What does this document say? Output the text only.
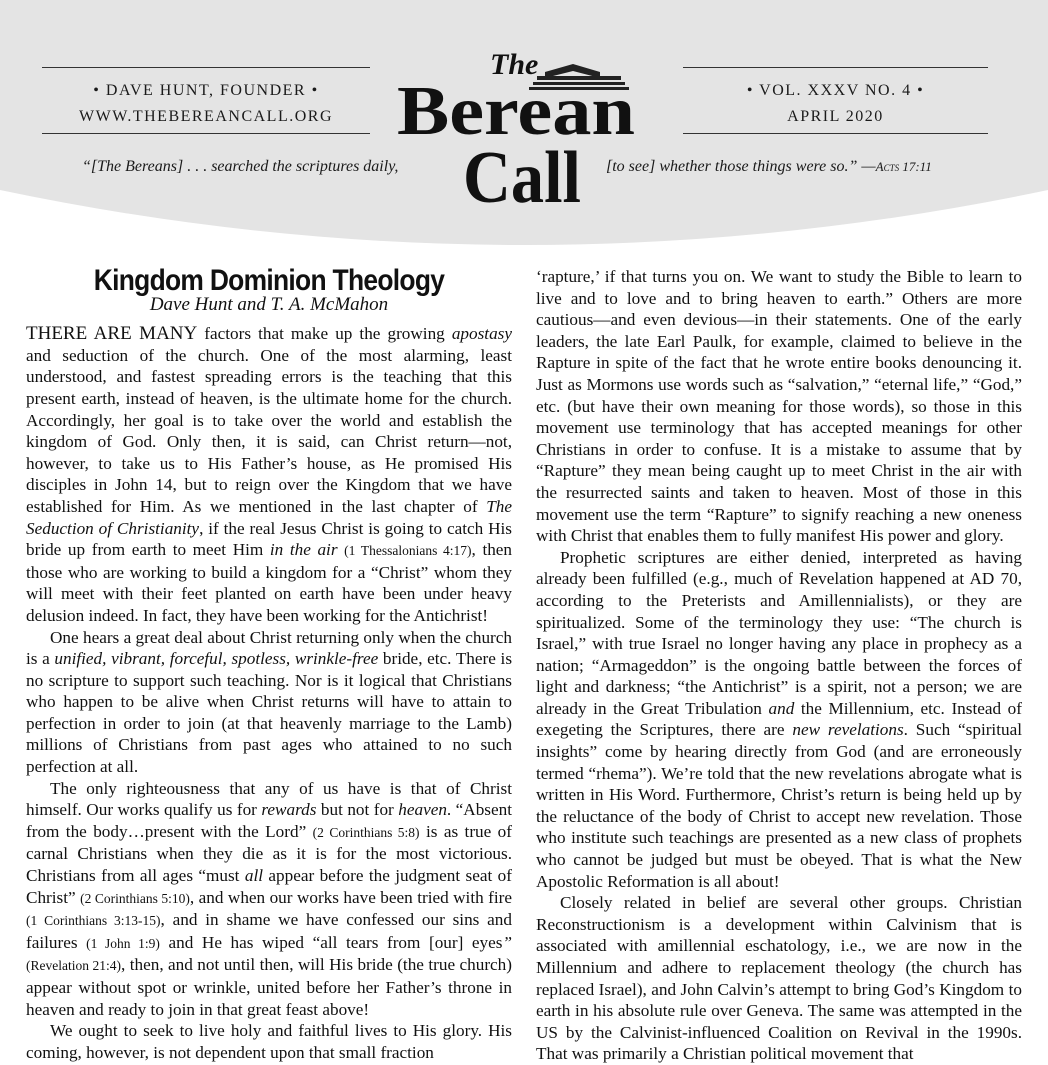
• DAVE HUNT, FOUNDER •
WWW.THEBEREANCALL.ORG
• VOL. XXXV NO. 4 •
APRIL 2020
“[The Bereans] . . . searched the scriptures daily,	[to see] whether those things were so.” —Acts 17:11
The
Berean
Call
Kingdom Dominion Theology
Dave Hunt and T. A. McMahon

THERE ARE MANY factors that make up the growing apostasy and seduction of the church. One of the most alarming, least understood, and fastest spreading errors is the teaching that this present earth, instead of heaven, is the ultimate home for the church. Accordingly, her goal is to take over the world and establish the kingdom of God. Only then, it is said, can Christ return—not, however, to take us to His Father’s house, as He promised His disciples in John 14, but to reign over the Kingdom that we have established for Him. As we mentioned in the last chapter of The Seduction of Christianity, if the real Jesus Christ is going to catch His bride up from earth to meet Him in the air (1 Thessalonians 4:17), then those who are working to build a kingdom for a “Christ” whom they will meet with their feet planted on earth have been under heavy delusion indeed. In fact, they have been working for the Antichrist!

One hears a great deal about Christ returning only when the church is a unified, vibrant, forceful, spotless, wrinkle-free bride, etc. There is no scripture to support such teaching. Nor is it logical that Christians who happen to be alive when Christ returns will have to attain to perfection in order to join (at that heavenly marriage to the Lamb) millions of Christians from past ages who attained to no such perfection at all.

The only righteousness that any of us have is that of Christ himself. Our works qualify us for rewards but not for heaven. “Absent from the body…present with the Lord” (2 Corinthians 5:8) is as true of carnal Christians when they die as it is for the most victorious. Christians from all ages “must all appear before the judgment seat of Christ” (2 Corinthians 5:10), and when our works have been tried with fire (1 Corinthians 3:13-15), and in shame we have confessed our sins and failures (1 John 1:9) and He has wiped “all tears from [our] eyes” (Revelation 21:4), then, and not until then, will His bride (the true church) appear without spot or wrinkle, united before her Father’s throne in heaven and ready to join in that great feast above!

We ought to seek to live holy and faithful lives to His glory. His coming, however, is not dependent upon that small fraction

‘rapture,’ if that turns you on. We want to study the Bible to learn to live and to love and to bring heaven to earth.” Others are more cautious—and even devious—in their statements. One of the early leaders, the late Earl Paulk, for example, claimed to believe in the Rapture in spite of the fact that he wrote entire books denouncing it. Just as Mormons use words such as “salvation,” “eternal life,” “God,” etc. (but have their own meaning for those words), so those in this movement use terminology that has accepted meanings for other Christians in order to confuse. It is a mistake to assume that by “Rapture” they mean being caught up to meet Christ in the air with the resurrected saints and taken to heaven. Most of those in this movement use the term “Rapture” to signify reaching a new oneness with Christ that enables them to fully manifest His power and glory.

Prophetic scriptures are either denied, interpreted as having already been fulfilled (e.g., much of Revelation happened at AD 70, according to the Preterists and Amillennialists), or they are spiritualized. Some of the terminology they use: “The church is Israel,” with true Israel no longer having any place in prophecy as a nation; “Armageddon” is the ongoing battle between the forces of light and darkness; “the Antichrist” is a spirit, not a person; we are already in the Great Tribulation and the Millennium, etc. Instead of exegeting the Scriptures, there are new revelations. Such “spiritual insights” come by hearing directly from God (and are erroneously termed “rhema”). We’re told that the new revelations abrogate what is written in His Word. Furthermore, Christ’s return is being held up by the reluctance of the body of Christ to accept new revelation. Those who institute such teachings are presented as a new class of prophets who cannot be judged but must be obeyed. That is what the New Apostolic Reformation is all about!

Closely related in belief are several other groups. Christian Reconstructionism is a development within Calvinism that is associated with amillennial eschatology, i.e., we are now in the Millennium and adhere to replacement theology (the church has replaced Israel), and John Calvin’s attempt to bring God’s Kingdom to earth in his absolute rule over Geneva. The same was attempted in the US by the Calvinist-influenced Coalition on Revival in the 1990s. That was primarily a Christian political movement that
